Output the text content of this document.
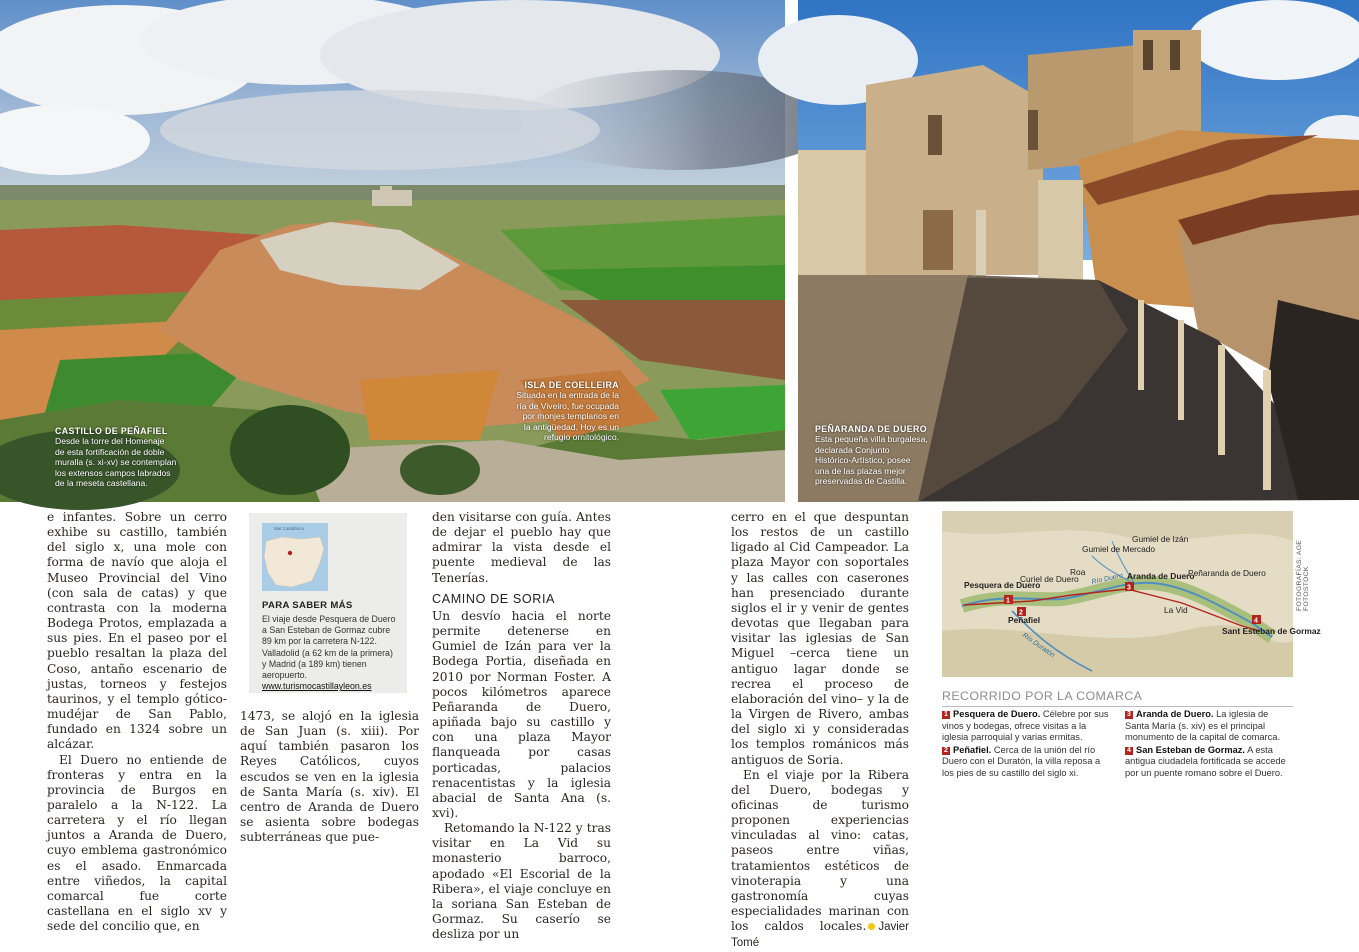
CASTILLO DE PEÑAFIEL
Desde la torre del Homenaje
de esta fortificación de doble
muralla (s. xi-xv) se contemplan
los extensos campos labrados
de la meseta castellana.
ISLA DE COELLEIRA
Situada en la entrada de la
ría de Viveiro, fue ocupada
por monjes templarios en
la antigüedad. Hoy es un
refugio ornitológico.
PEÑARANDA DE DUERO
Esta pequeña villa burgalesa,
declarada Conjunto
Histórico-Artístico, posee
una de las plazas mejor
preservadas de Castilla.

e infantes. Sobre un cerro exhibe su castillo, también del siglo x, una mole con forma de navío que aloja el Museo Provincial del Vino (con sala de catas) y que contrasta con la moderna Bodega Protos, emplazada a sus pies. En el paseo por el pueblo resaltan la plaza del Coso, antaño escenario de justas, torneos y festejos taurinos, y el templo gótico-mudéjar de San Pablo, fundado en 1324 sobre un alcázar.

El Duero no entiende de fronteras y entra en la provincia de Burgos en paralelo a la N-122. La carretera y el río llegan juntos a Aranda de Duero, cuyo emblema gastronómico es el asado. Enmarcada entre viñedos, la capital comarcal fue corte castellana en el siglo xv y sede del concilio que, en

Mar Cantábrico
PARA SABER MÁS
El viaje desde Pesquera de Duero a San Esteban de Gormaz cubre 89 km por la carretera N-122. Valladolid (a 62 km de la primera) y Madrid (a 189 km) tienen aeropuerto.
www.turismocastillayleon.es

1473, se alojó en la iglesia de San Juan (s. xiii). Por aquí también pasaron los Reyes Católicos, cuyos escudos se ven en la iglesia de Santa María (s. xiv). El centro de Aranda de Duero se asienta sobre bodegas subterráneas que pue-

den visitarse con guía. Antes de dejar el pueblo hay que admirar la vista desde el puente medieval de las Tenerías.

CAMINO DE SORIA

Un desvío hacia el norte permite detenerse en Gumiel de Izán para ver la Bodega Portia, diseñada en 2010 por Norman Foster. A pocos kilómetros aparece Peñaranda de Duero, apiñada bajo su castillo y con una plaza Mayor flanqueada por casas porticadas, palacios renacentistas y la iglesia abacial de Santa Ana (s. xvi).

Retomando la N-122 y tras visitar en La Vid su monasterio barroco, apodado «El Escorial de la Ribera», el viaje concluye en la soriana San Esteban de Gormaz. Su caserío se desliza por un

cerro en el que despuntan los restos de un castillo ligado al Cid Campeador. La plaza Mayor con soportales y las calles con caserones han presenciado durante siglos el ir y venir de gentes devotas que llegaban para visitar las iglesias de San Miguel –cerca tiene un antiguo lagar donde se recrea el proceso de elaboración del vino– y la de la Virgen de Rivero, ambas del siglo xi y consideradas los templos románicos más antiguos de Soria.

En el viaje por la Ribera del Duero, bodegas y oficinas de turismo proponen experiencias vinculadas al vino: catas, paseos entre viñas, tratamientos estéticos de vinoterapia y una gastronomía cuyas especialidades marinan con los caldos locales. Javier Tomé

1
2
3
4
Pesquera de Duero
Curiel de Duero
Peñafiel
Gumiel de Mercado
Gumiel de Izán
Roa	Aranda de Duero
Peñaranda de Duero
La Vid
Sant Esteban de Gormaz
Río Duero
Río Duratón
FOTOGRAFÍAS: AGE FOTOSTOCK
RECORRIDO POR LA COMARCA
1 Pesquera de Duero. Célebre por sus vinos y bodegas, ofrece visitas a la iglesia parroquial y varias ermitas.
2 Peñafiel. Cerca de la unión del río Duero con el Duratón, la villa reposa a los pies de su castillo del siglo xi.
3 Aranda de Duero. La iglesia de Santa María (s. xiv) es el principal monumento de la capital de comarca.
4 San Esteban de Gormaz. A esta antigua ciudadela fortificada se accede por un puente romano sobre el Duero.
